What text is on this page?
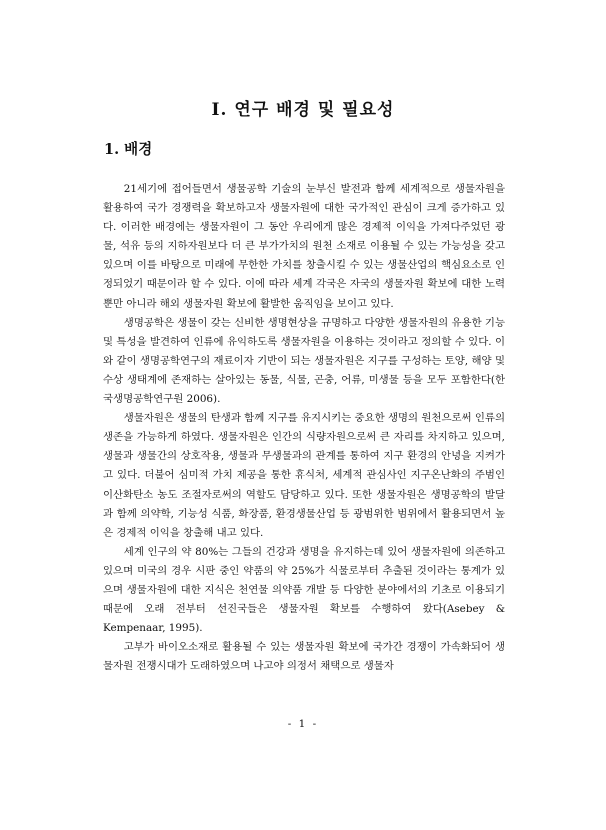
Ⅰ. 연구 배경 및 필요성
1. 배경

21세기에 접어들면서 생물공학 기술의 눈부신 발전과 함께 세계적으로 생물자원을 활용하여 국가 경쟁력을 확보하고자 생물자원에 대한 국가적인 관심이 크게 증가하고 있다. 이러한 배경에는 생물자원이 그 동안 우리에게 많은 경제적 이익을 가져다주었던 광물, 석유 등의 지하자원보다 더 큰 부가가치의 원천 소재로 이용될 수 있는 가능성을 갖고 있으며 이를 바탕으로 미래에 무한한 가치를 창출시킬 수 있는 생물산업의 핵심요소로 인정되었기 때문이라 할 수 있다. 이에 따라 세계 각국은 자국의 생물자원 확보에 대한 노력뿐만 아니라 해외 생물자원 확보에 활발한 움직임을 보이고 있다.

생명공학은 생물이 갖는 신비한 생명현상을 규명하고 다양한 생물자원의 유용한 기능 및 특성을 발견하여 인류에 유익하도록 생물자원을 이용하는 것이라고 정의할 수 있다. 이와 같이 생명공학연구의 재료이자 기반이 되는 생물자원은 지구를 구성하는 토양, 해양 및 수상 생태계에 존재하는 살아있는 동물, 식물, 곤충, 어류, 미생물 등을 모두 포함한다(한국생명공학연구원 2006).

생물자원은 생물의 탄생과 함께 지구를 유지시키는 중요한 생명의 원천으로써 인류의 생존을 가능하게 하였다. 생물자원은 인간의 식량자원으로써 큰 자리를 차지하고 있으며, 생물과 생물간의 상호작용, 생물과 무생물과의 관계를 통하여 지구 환경의 안녕을 지켜가고 있다. 더불어 심미적 가치 제공을 통한 휴식처, 세계적 관심사인 지구온난화의 주범인 이산화탄소 농도 조절자로써의 역할도 담당하고 있다. 또한 생물자원은 생명공학의 발달과 함께 의약학, 기능성 식품, 화장품, 환경생물산업 등 광범위한 범위에서 활용되면서 높은 경제적 이익을 창출해 내고 있다.

세계 인구의 약 80%는 그들의 건강과 생명을 유지하는데 있어 생물자원에 의존하고 있으며 미국의 경우 시판 중인 약품의 약 25%가 식물로부터 추출된 것이라는 통계가 있으며 생물자원에 대한 지식은 천연물 의약품 개발 등 다양한 분야에서의 기초로 이용되기 때문에 오래 전부터 선진국들은 생물자원 확보를 수행하여 왔다(Asebey & Kempenaar, 1995).

고부가 바이오소재로 활용될 수 있는 생물자원 확보에 국가간 경쟁이 가속화되어 생물자원 전쟁시대가 도래하였으며 나고야 의정서 채택으로 생물자

- 1 -
